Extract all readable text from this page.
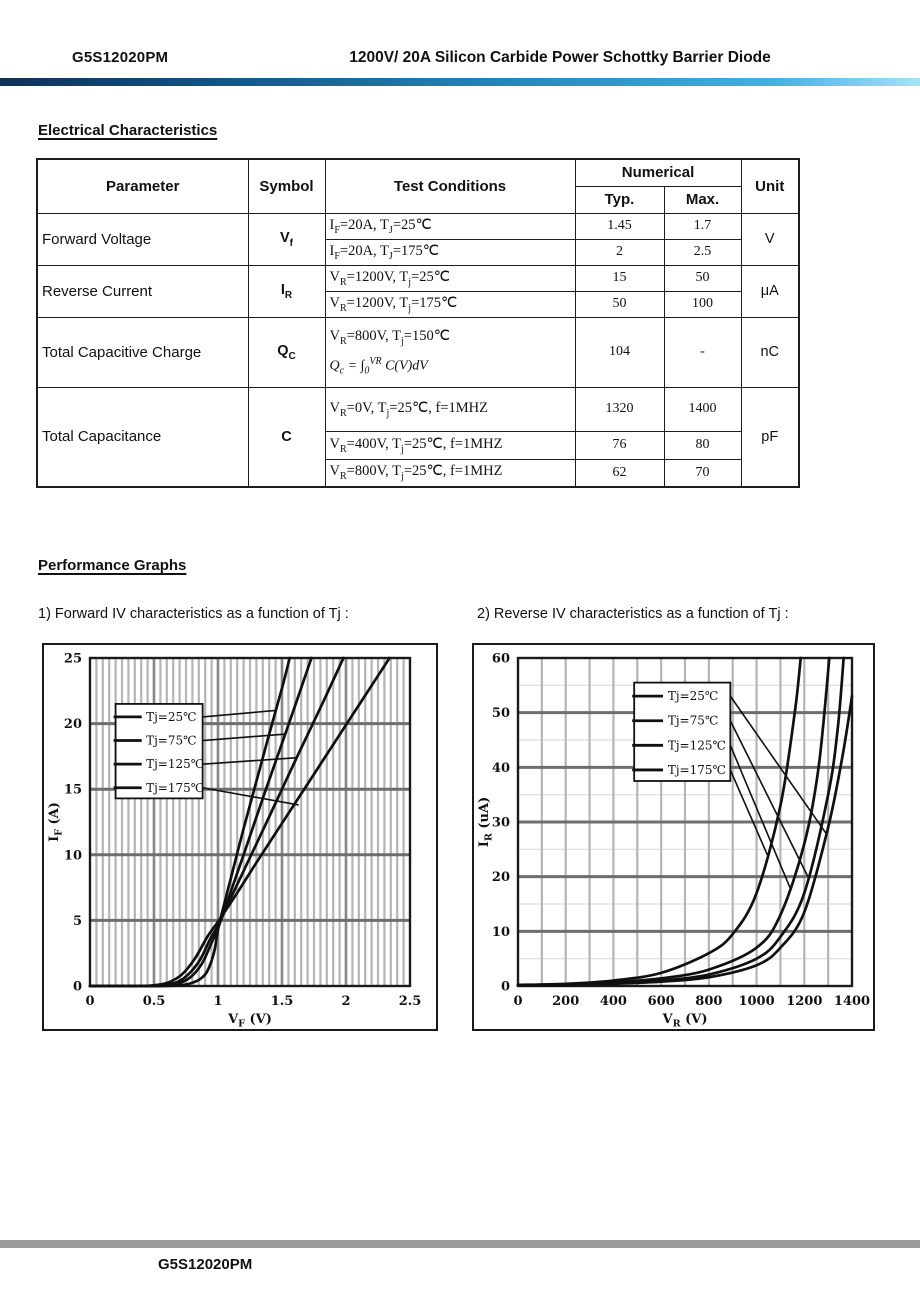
G5S12020PM	1200V/ 20A Silicon Carbide Power Schottky Barrier Diode
Electrical Characteristics
Parameter	Symbol	Test Conditions	Numerical		Unit
			Typ.	Max.	
Forward Voltage	$V_f$	$I_F=20A$, $T_J=25℃$	1.45	1.7	V
		$I_F=20A$, $T_J=175℃$	2	2.5	
Reverse Current	$I_R$	$V_R=1200V$, $T_j=25℃$	15	50	μA
		$V_R=1200V$, $T_j=175℃$	50	100	
Total Capacitive Charge	$Q_C$	$V_R=800V$, $T_j=150℃$
$Q_c = \int_0^{VR}$ C(V)dV	104	-	nC
Total Capacitance	C	$V_R=0V$, $T_j=25℃$, f=1MHZ	1320	1400	pF
		$V_R=400V$, $T_j=25℃$, f=1MHZ	76	80	
		$V_R=800V$, $T_j=25℃$, f=1MHZ	62	70	
Performance Graphs
1) Forward IV characteristics as a function of Tj :	2) Reverse IV characteristics as a function of Tj :
0	0.5	1	1.5	2	2.5
0
5
10
15
20
25
$V_F$ (V)
$I_F$ (A)
Tj=25℃
Tj=75℃
Tj=125℃
Tj=175℃
0 200 400 600 800 1000 1200 1400
0
10
20
30
40
50
60
$V_R$ (V)
$I_R$ (uA)
Tj=25℃
Tj=75℃
Tj=125℃
Tj=175℃
G5S12020PM
